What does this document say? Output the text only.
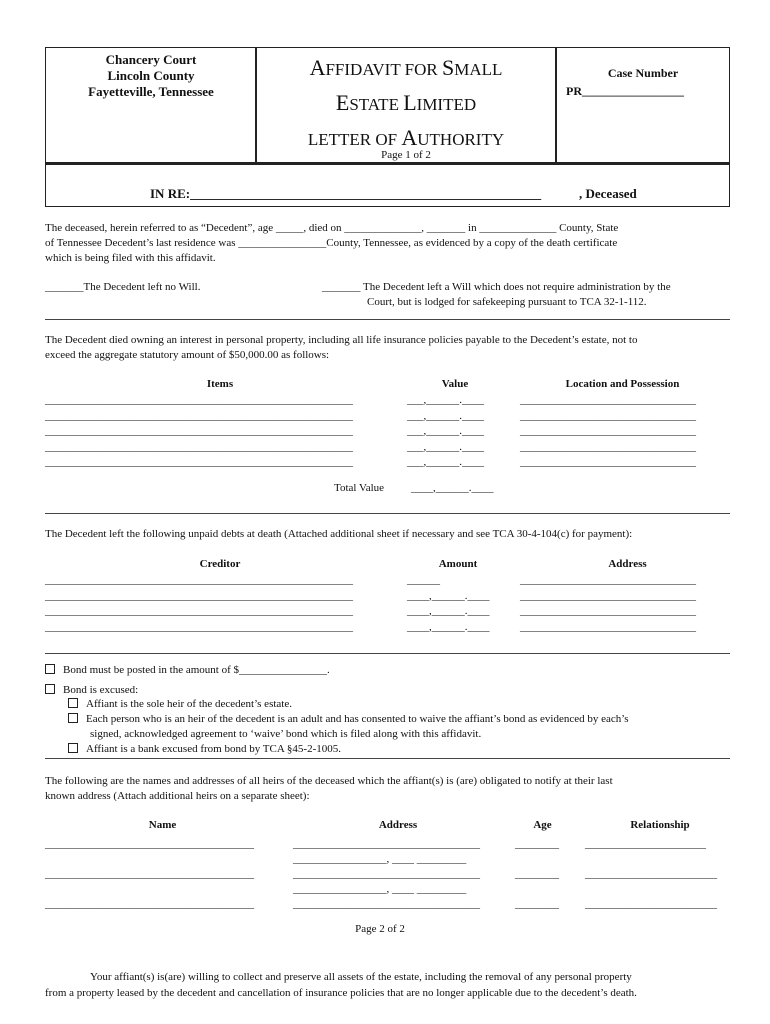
Chancery Court
Lincoln County
Fayetteville, Tennessee
AFFIDAVIT FOR SMALL
ESTATE LIMITED
LETTER OF AUTHORITY
Page 1 of 2
Case Number
PR_________________
IN RE:______________________________________________________	, Deceased
The deceased, herein referred to as “Decedent”, age _____, died on ______________, _______ in ______________ County, State
of Tennessee Decedent’s last residence was ________________County, Tennessee, as evidenced by a copy of the death certificate
which is being filed with this affidavit.
_______The Decedent left no Will.	_______ The Decedent left a Will which does not require administration by the
Court, but is lodged for safekeeping pursuant to TCA 32-1-112.
The Decedent died owning an interest in personal property, including all life insurance policies payable to the Decedent’s estate, not to
exceed the aggregate statutory amount of $50,000.00 as follows:
Items	Value	Location and Possession
________________________________________________________	___,______.____	________________________________
________________________________________________________	___,______.____	________________________________
________________________________________________________	___,______.____	________________________________
________________________________________________________	___,______.____	________________________________
________________________________________________________	___,______.____	________________________________
Total Value ____,______.____
The Decedent left the following unpaid debts at death (Attached additional sheet if necessary and see TCA 30-4-104(c) for payment):
Creditor	Amount	Address
________________________________________________________	______	________________________________
________________________________________________________	____,______.____	________________________________
________________________________________________________	____,______.____	________________________________
________________________________________________________	____,______.____	________________________________
Bond must be posted in the amount of $________________.
Bond is excused:
Affiant is the sole heir of the decedent’s estate.
Each person who is an heir of the decedent is an adult and has consented to waive the affiant’s bond as evidenced by each’s
signed, acknowledged agreement to ‘waive’ bond which is filed along with this affidavit.
Affiant is a bank excused from bond by TCA §45-2-1005.
The following are the names and addresses of all heirs of the deceased which the affiant(s) is (are) obligated to notify at their last
known address (Attach additional heirs on a separate sheet):
Name	Address	Age	Relationship
______________________________________	__________________________________	________ ______________________
_________________, ____ _________
______________________________________	__________________________________	________ ________________________
_________________, ____ _________
______________________________________	__________________________________	________ ________________________
Page 2 of 2
Your affiant(s) is(are) willing to collect and preserve all assets of the estate, including the removal of any personal property
from a property leased by the decedent and cancellation of insurance policies that are no longer applicable due to the decedent’s death.
